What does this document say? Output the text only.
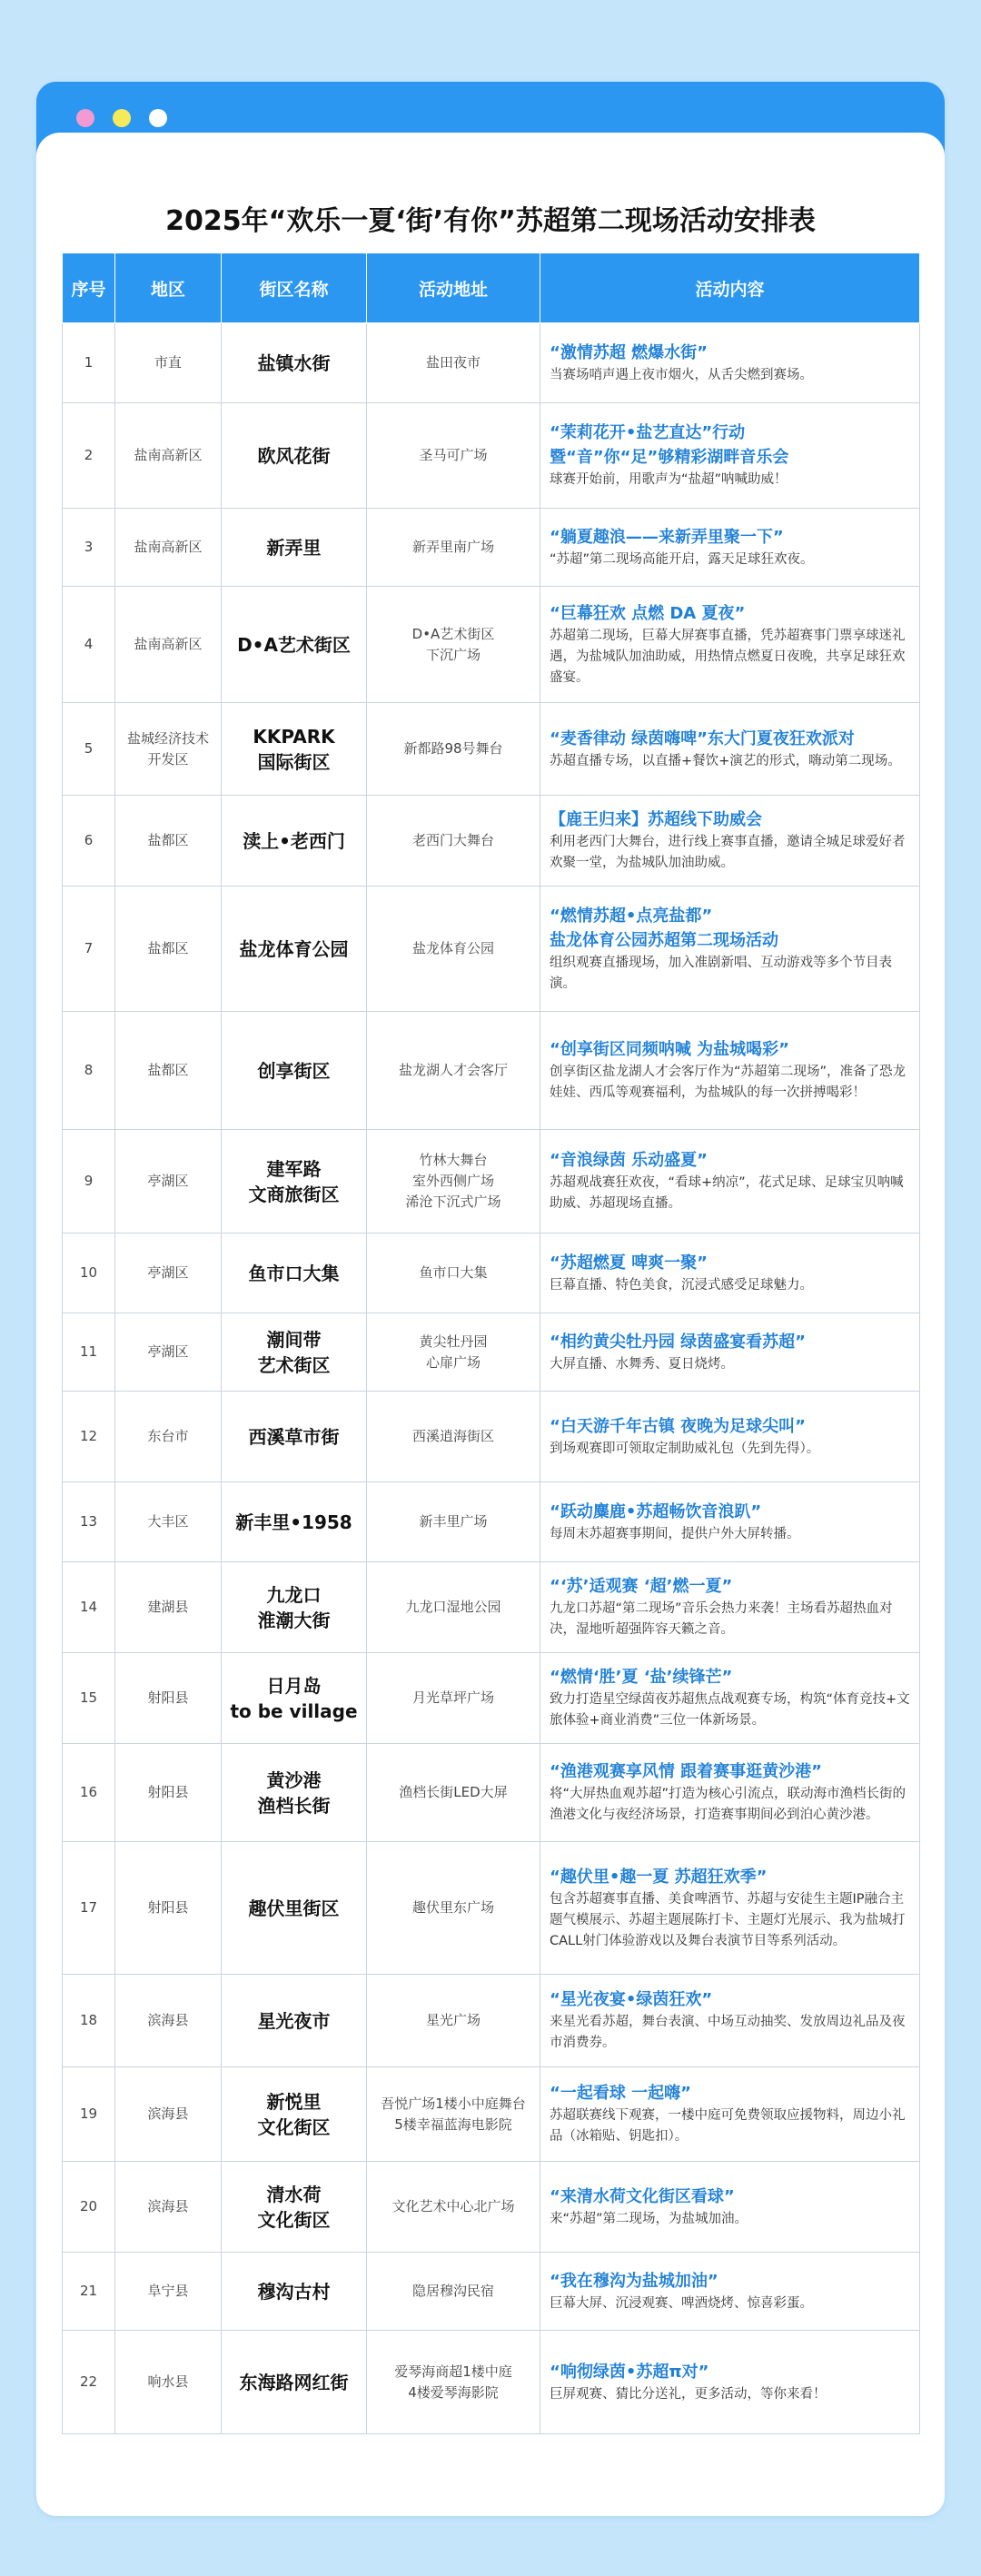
2025年“欢乐一夏‘街’有你”苏超第二现场活动安排表
序号	地区	街区名称	活动地址	活动内容
1	市直	盐镇水街	盐田夜市	“激情苏超 燃爆水街”
当赛场哨声遇上夜市烟火，从舌尖燃到赛场。

2	盐南高新区	欧风花街	圣马可广场	“茉莉花开•盐艺直达”行动
暨“音”你“足”够精彩湖畔音乐会
球赛开始前，用歌声为“盐超”呐喊助威！

3	盐南高新区	新弄里	新弄里南广场	“躺夏趣浪——来新弄里聚一下”
“苏超”第二现场高能开启，露天足球狂欢夜。

4	盐南高新区	D•A艺术街区	D•A艺术街区
下沉广场	“巨幕狂欢 点燃 DA 夏夜”
苏超第二现场，巨幕大屏赛事直播，凭苏超赛事门票享球迷礼遇，为盐城队加油助威，用热情点燃夏日夜晚，共享足球狂欢盛宴。

5	盐城经济技术开发区	KKPARK
国际街区	新都路98号舞台	“麦香律动 绿茵嗨啤”东大门夏夜狂欢派对
苏超直播专场，以直播+餐饮+演艺的形式，嗨动第二现场。

6	盐都区	渎上•老西门	老西门大舞台	【鹿王归来】苏超线下助威会
利用老西门大舞台，进行线上赛事直播，邀请全城足球爱好者欢聚一堂，为盐城队加油助威。

7	盐都区	盐龙体育公园	盐龙体育公园	“燃情苏超•点亮盐都”
盐龙体育公园苏超第二现场活动
组织观赛直播现场，加入准剧新唱、互动游戏等多个节目表演。

8	盐都区	创享街区	盐龙湖人才会客厅	“创享街区同频呐喊 为盐城喝彩”
创享街区盐龙湖人才会客厅作为“苏超第二现场”，准备了恐龙娃娃、西瓜等观赛福利，为盐城队的每一次拼搏喝彩！

9	亭湖区	建军路
文商旅街区	竹林大舞台
室外西侧广场
浠沧下沉式广场	“音浪绿茵 乐动盛夏”
苏超观战赛狂欢夜，“看球+纳凉”，花式足球、足球宝贝呐喊助威、苏超现场直播。

10	亭湖区	鱼市口大集	鱼市口大集	“苏超燃夏 啤爽一聚”
巨幕直播、特色美食，沉浸式感受足球魅力。

11	亭湖区	潮间带
艺术街区	黄尖牡丹园
心扉广场	“相约黄尖牡丹园 绿茵盛宴看苏超”
大屏直播、水舞秀、夏日烧烤。

12	东台市	西溪草市街	西溪逍海街区	“白天游千年古镇 夜晚为足球尖叫”
到场观赛即可领取定制助威礼包（先到先得）。

13	大丰区	新丰里•1958	新丰里广场	“跃动麋鹿•苏超畅饮音浪趴”
每周末苏超赛事期间，提供户外大屏转播。

14	建湖县	九龙口
淮潮大街	九龙口湿地公园	“‘苏’适观赛 ‘超’燃一夏”
九龙口苏超“第二现场”音乐会热力来袭！主场看苏超热血对决，湿地听超强阵容天籁之音。

15	射阳县	日月岛
to be village	月光草坪广场	“燃情‘胜’夏 ‘盐’续锋芒”
致力打造星空绿茵夜苏超焦点战观赛专场，构筑“体育竞技+文旅体验+商业消费”三位一体新场景。

16	射阳县	黄沙港
渔档长街	渔档长街LED大屏	“渔港观赛享风情 跟着赛事逛黄沙港”
将“大屏热血观苏超”打造为核心引流点，联动海市渔档长街的渔港文化与夜经济场景，打造赛事期间必到泊心黄沙港。

17	射阳县	趣伏里街区	趣伏里东广场	“趣伏里•趣一夏 苏超狂欢季”
包含苏超赛事直播、美食啤酒节、苏超与安徒生主题IP融合主题气模展示、苏超主题展陈打卡、主题灯光展示、我为盐城打CALL射门体验游戏以及舞台表演节目等系列活动。

18	滨海县	星光夜市	星光广场	“星光夜宴•绿茵狂欢”
来星光看苏超，舞台表演、中场互动抽奖、发放周边礼品及夜市消费券。

19	滨海县	新悦里
文化街区	吾悦广场1楼小中庭舞台
5楼幸福蓝海电影院	“一起看球 一起嗨”
苏超联赛线下观赛，一楼中庭可免费领取应援物料，周边小礼品（冰箱贴、钥匙扣）。

20	滨海县	清水荷
文化街区	文化艺术中心北广场	“来清水荷文化街区看球”
来“苏超”第二现场，为盐城加油。

21	阜宁县	穆沟古村	隐居穆沟民宿	“我在穆沟为盐城加油”
巨幕大屏、沉浸观赛、啤酒烧烤、惊喜彩蛋。

22	响水县	东海路网红街	爱琴海商超1楼中庭
4楼爱琴海影院	“响彻绿茵•苏超π对”
巨屏观赛、猜比分送礼，更多活动，等你来看！
